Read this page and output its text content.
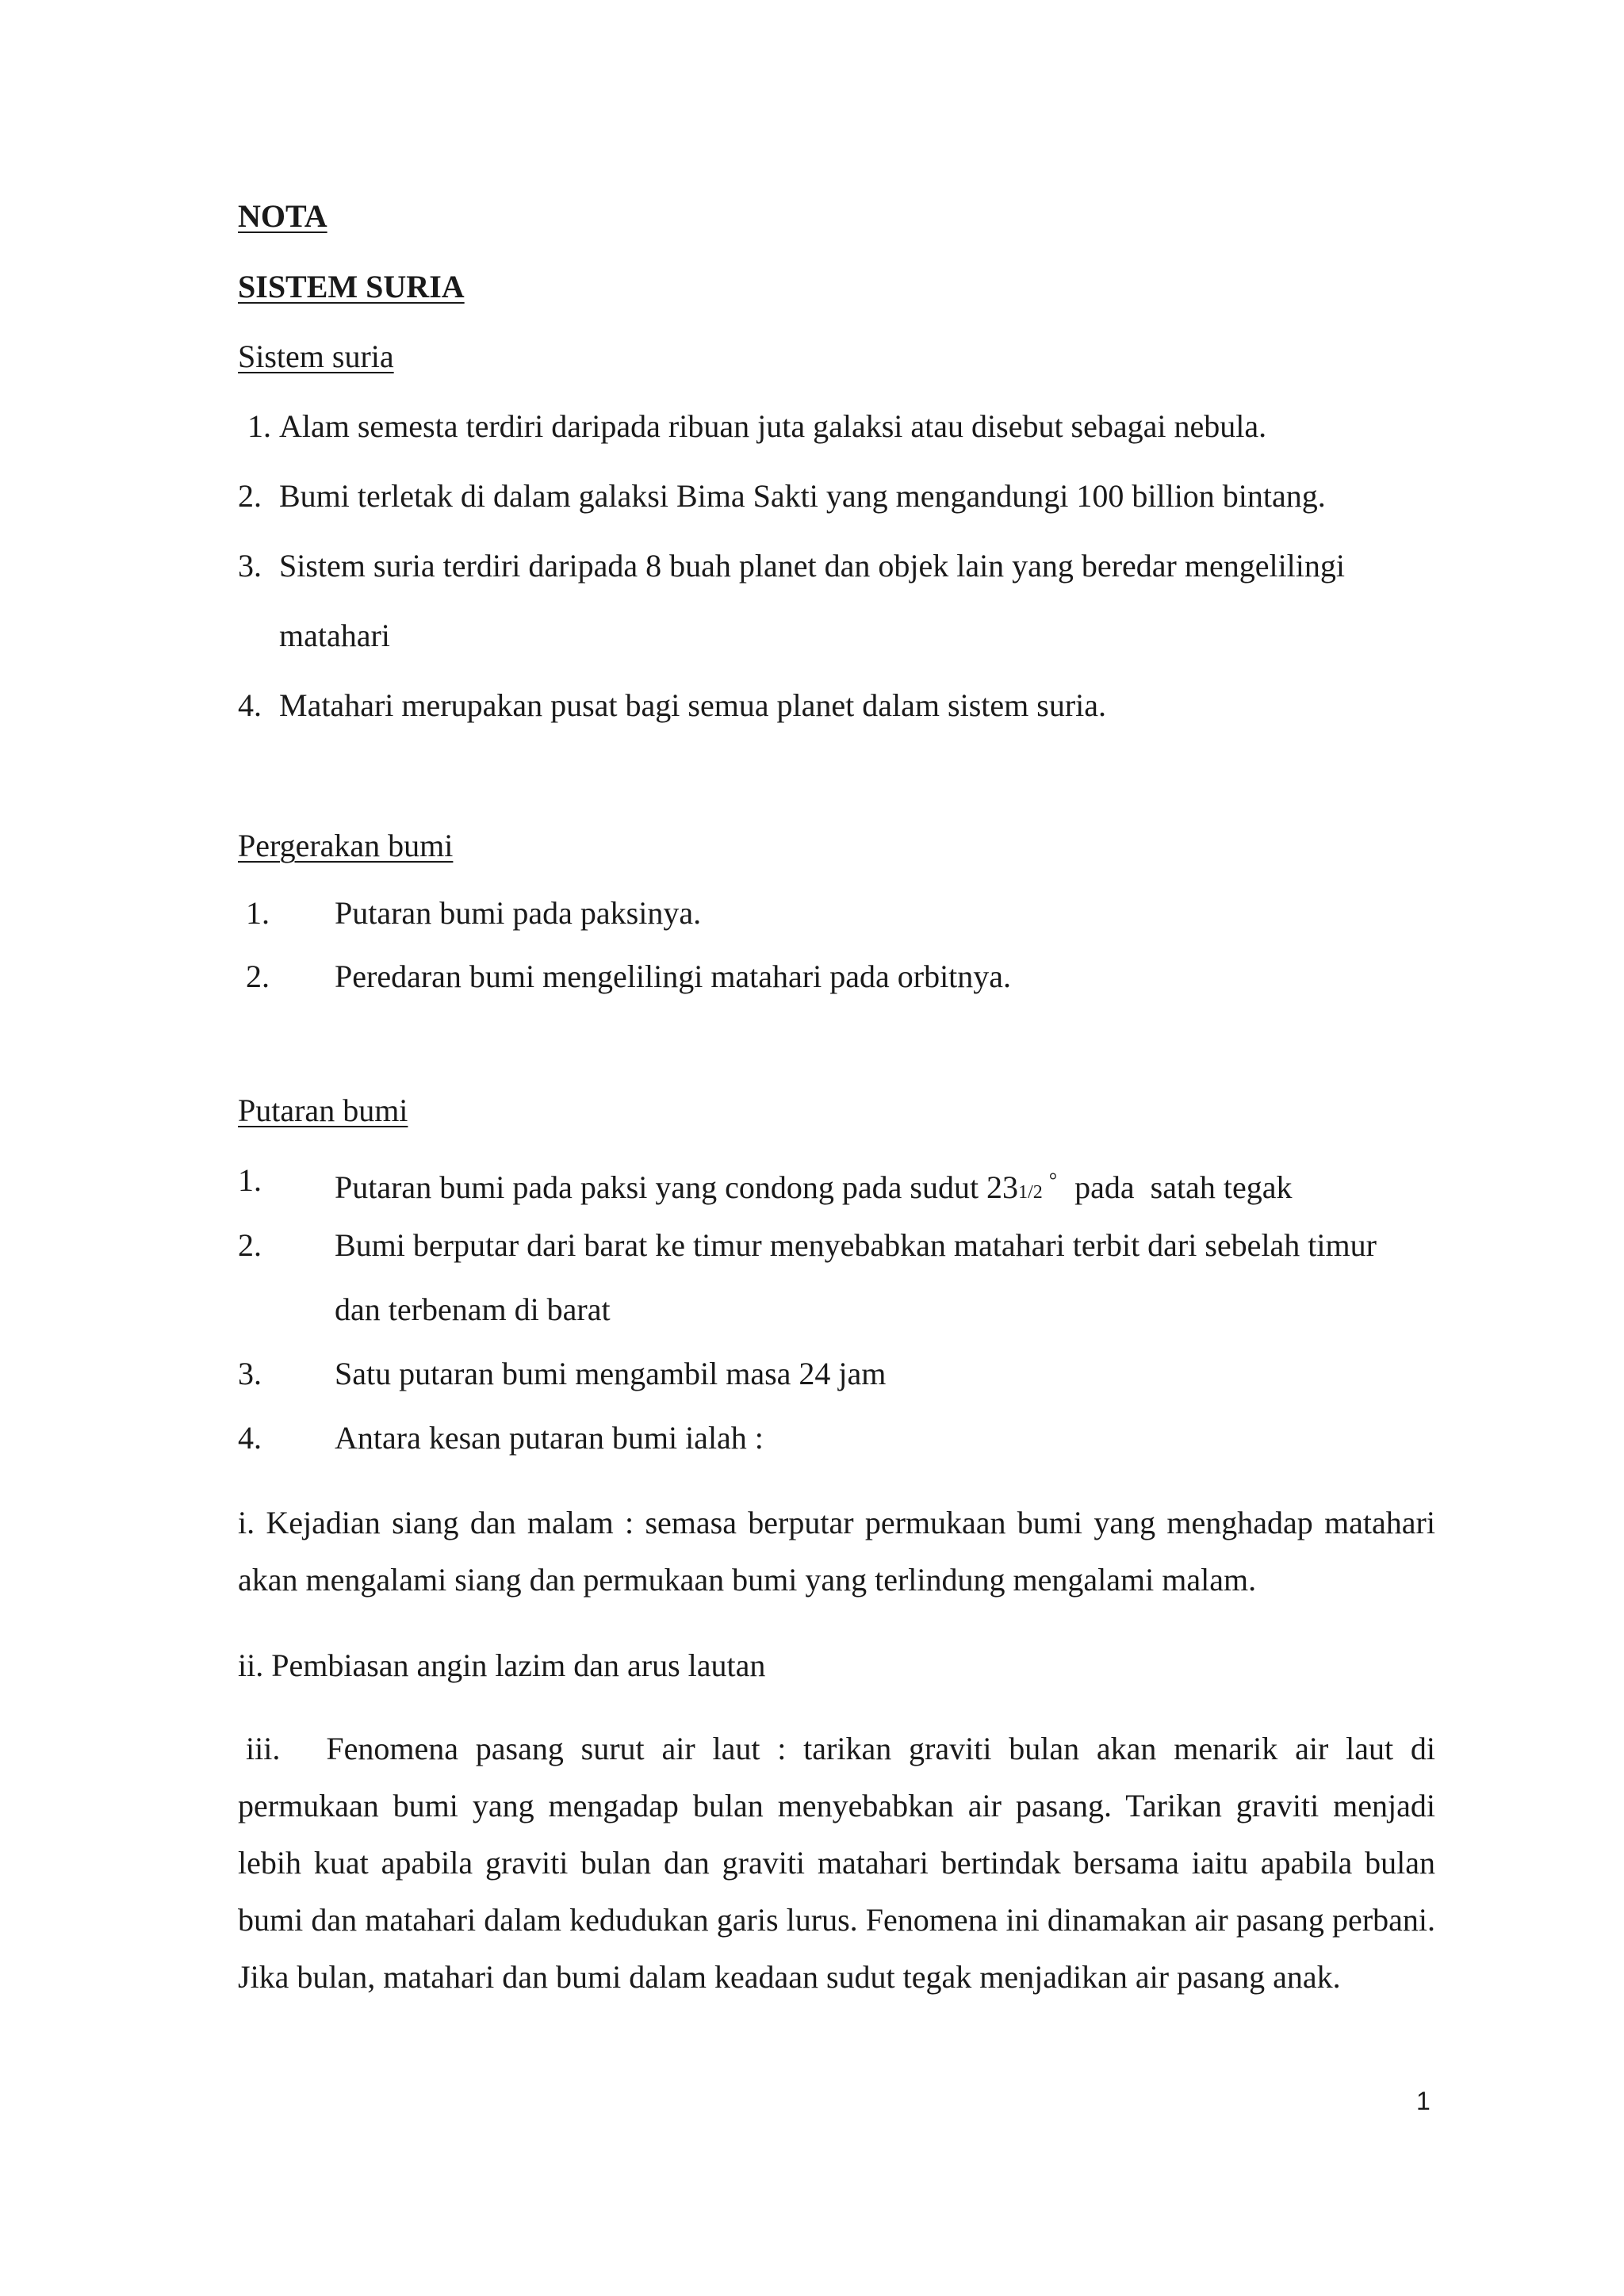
NOTA
SISTEM SURIA
Sistem suria
1. Alam semesta terdiri daripada ribuan juta galaksi atau disebut sebagai nebula.
2. Bumi terletak di dalam galaksi Bima Sakti yang mengandungi 100 billion bintang.
3. Sistem suria terdiri daripada 8 buah planet dan objek lain yang beredar mengelilingi
matahari
4. Matahari merupakan pusat bagi semua planet dalam sistem suria.
Pergerakan bumi
1. Putaran bumi pada paksinya.
2. Peredaran bumi mengelilingi matahari pada orbitnya.
Putaran bumi
1. Putaran bumi pada paksi yang condong pada sudut 231/2° pada  satah tegak
2. Bumi berputar dari barat ke timur menyebabkan matahari terbit dari sebelah timur
dan terbenam di barat
3. Satu putaran bumi mengambil masa 24 jam
4. Antara kesan putaran bumi ialah :
i. Kejadian siang dan malam : semasa berputar permukaan bumi yang menghadap matahari akan mengalami siang dan permukaan bumi yang terlindung mengalami malam.
ii. Pembiasan angin lazim dan arus lautan
iii. Fenomena pasang surut air laut : tarikan graviti bulan akan menarik air laut di permukaan bumi yang mengadap bulan menyebabkan air pasang. Tarikan graviti menjadi lebih kuat apabila graviti bulan dan graviti matahari bertindak bersama iaitu apabila bulan bumi dan matahari dalam kedudukan garis lurus. Fenomena ini dinamakan air pasang perbani. Jika bulan, matahari dan bumi dalam keadaan sudut tegak menjadikan air pasang anak.
1
